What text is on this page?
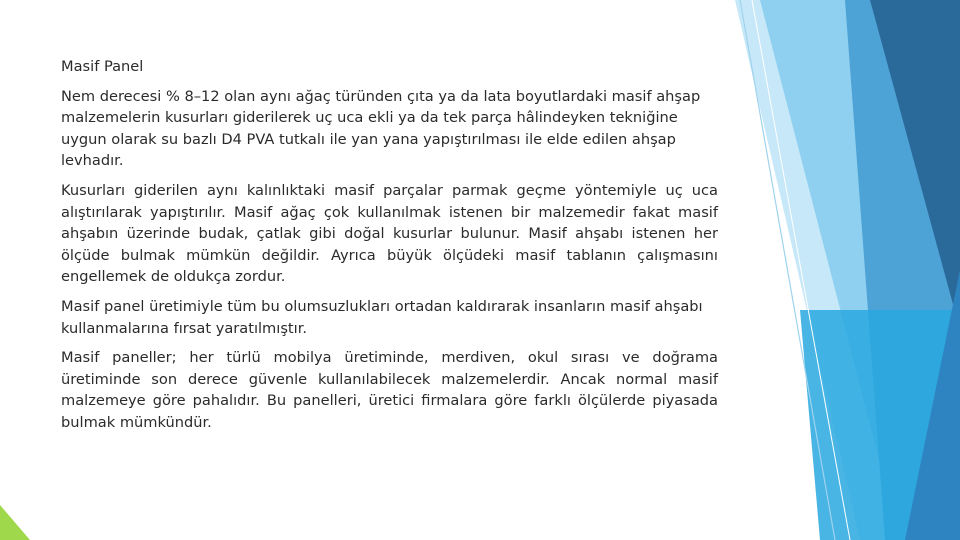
Masif Panel

Nem derecesi % 8–12 olan aynı ağaç türünden çıta ya da lata boyutlardaki masif ahşap malzemelerin kusurları giderilerek uç uca ekli ya da tek parça hâlindeyken tekniğine uygun olarak su bazlı D4 PVA tutkalı ile yan yana yapıştırılması ile elde edilen ahşap levhadır.

Kusurları giderilen aynı kalınlıktaki masif parçalar parmak geçme yöntemiyle uç uca alıştırılarak yapıştırılır. Masif ağaç çok kullanılmak istenen bir malzemedir fakat masif ahşabın üzerinde budak, çatlak gibi doğal kusurlar bulunur. Masif ahşabı istenen her ölçüde bulmak mümkün değildir. Ayrıca büyük ölçüdeki masif tablanın çalışmasını engellemek de oldukça zordur.

Masif panel üretimiyle tüm bu olumsuzlukları ortadan kaldırarak insanların masif ahşabı kullanmalarına fırsat yaratılmıştır.

Masif paneller; her türlü mobilya üretiminde, merdiven, okul sırası ve doğrama üretiminde son derece güvenle kullanılabilecek malzemelerdir. Ancak normal masif malzemeye göre pahalıdır. Bu panelleri, üretici firmalara göre farklı ölçülerde piyasada bulmak mümkündür.
